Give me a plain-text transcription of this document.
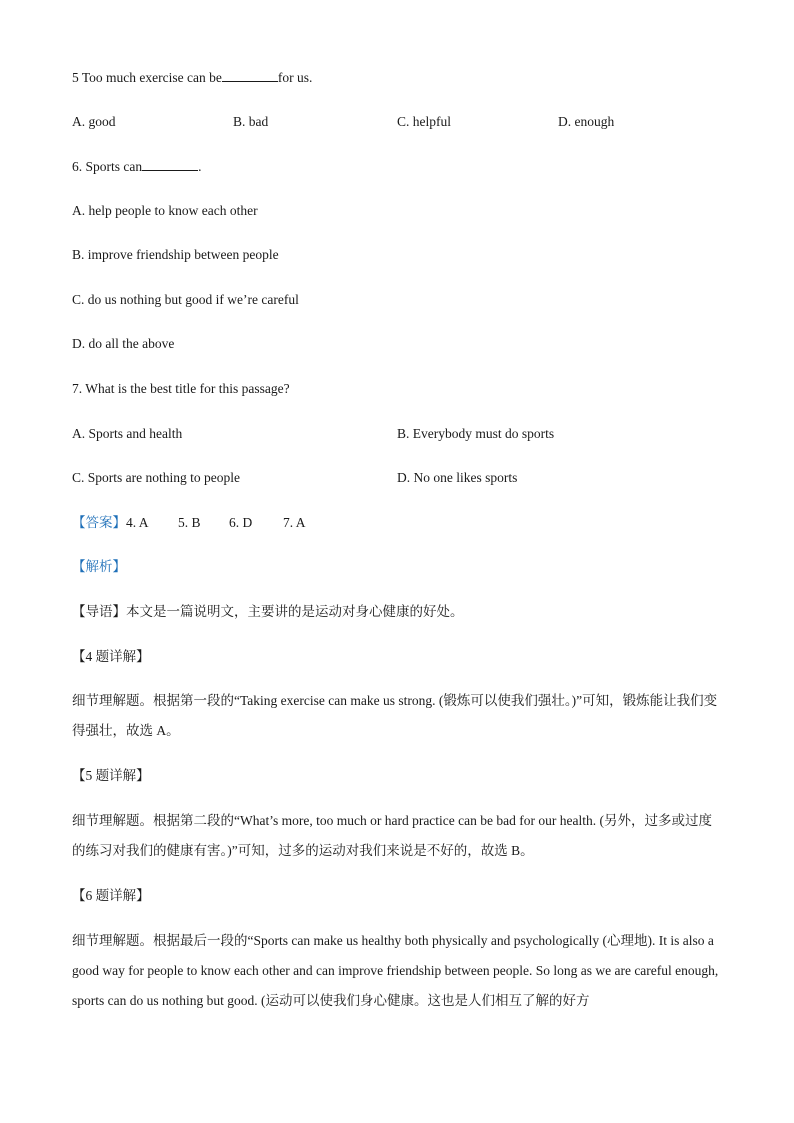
5 Too much exercise can be	for us.
A. good	B. bad	C. helpful	D. enough
6. Sports can	.
A. help people to know each other
B. improve friendship between people
C. do us nothing but good if we’re careful
D. do all the above
7. What is the best title for this passage?
A. Sports and health	B. Everybody must do sports
C. Sports are nothing to people	D. No one likes sports
【答案】4. A 5. B 6. D 7. A
【解析】
【导语】本文是一篇说明文，主要讲的是运动对身心健康的好处。
【4 题详解】
细节理解题。根据第一段的“Taking exercise can make us strong. (锻炼可以使我们强壮。)”可知，锻炼能让我们变得强壮，故选 A。
【5 题详解】
细节理解题。根据第二段的“What’s more, too much or hard practice can be bad for our health. (另外，过多或过度的练习对我们的健康有害。)”可知，过多的运动对我们来说是不好的，故选 B。
【6 题详解】
细节理解题。根据最后一段的“Sports can make us healthy both physically and psychologically (心理地). It is also a good way for people to know each other and can improve friendship between people. So long as we are careful enough, sports can do us nothing but good. (运动可以使我们身心健康。这也是人们相互了解的好方
